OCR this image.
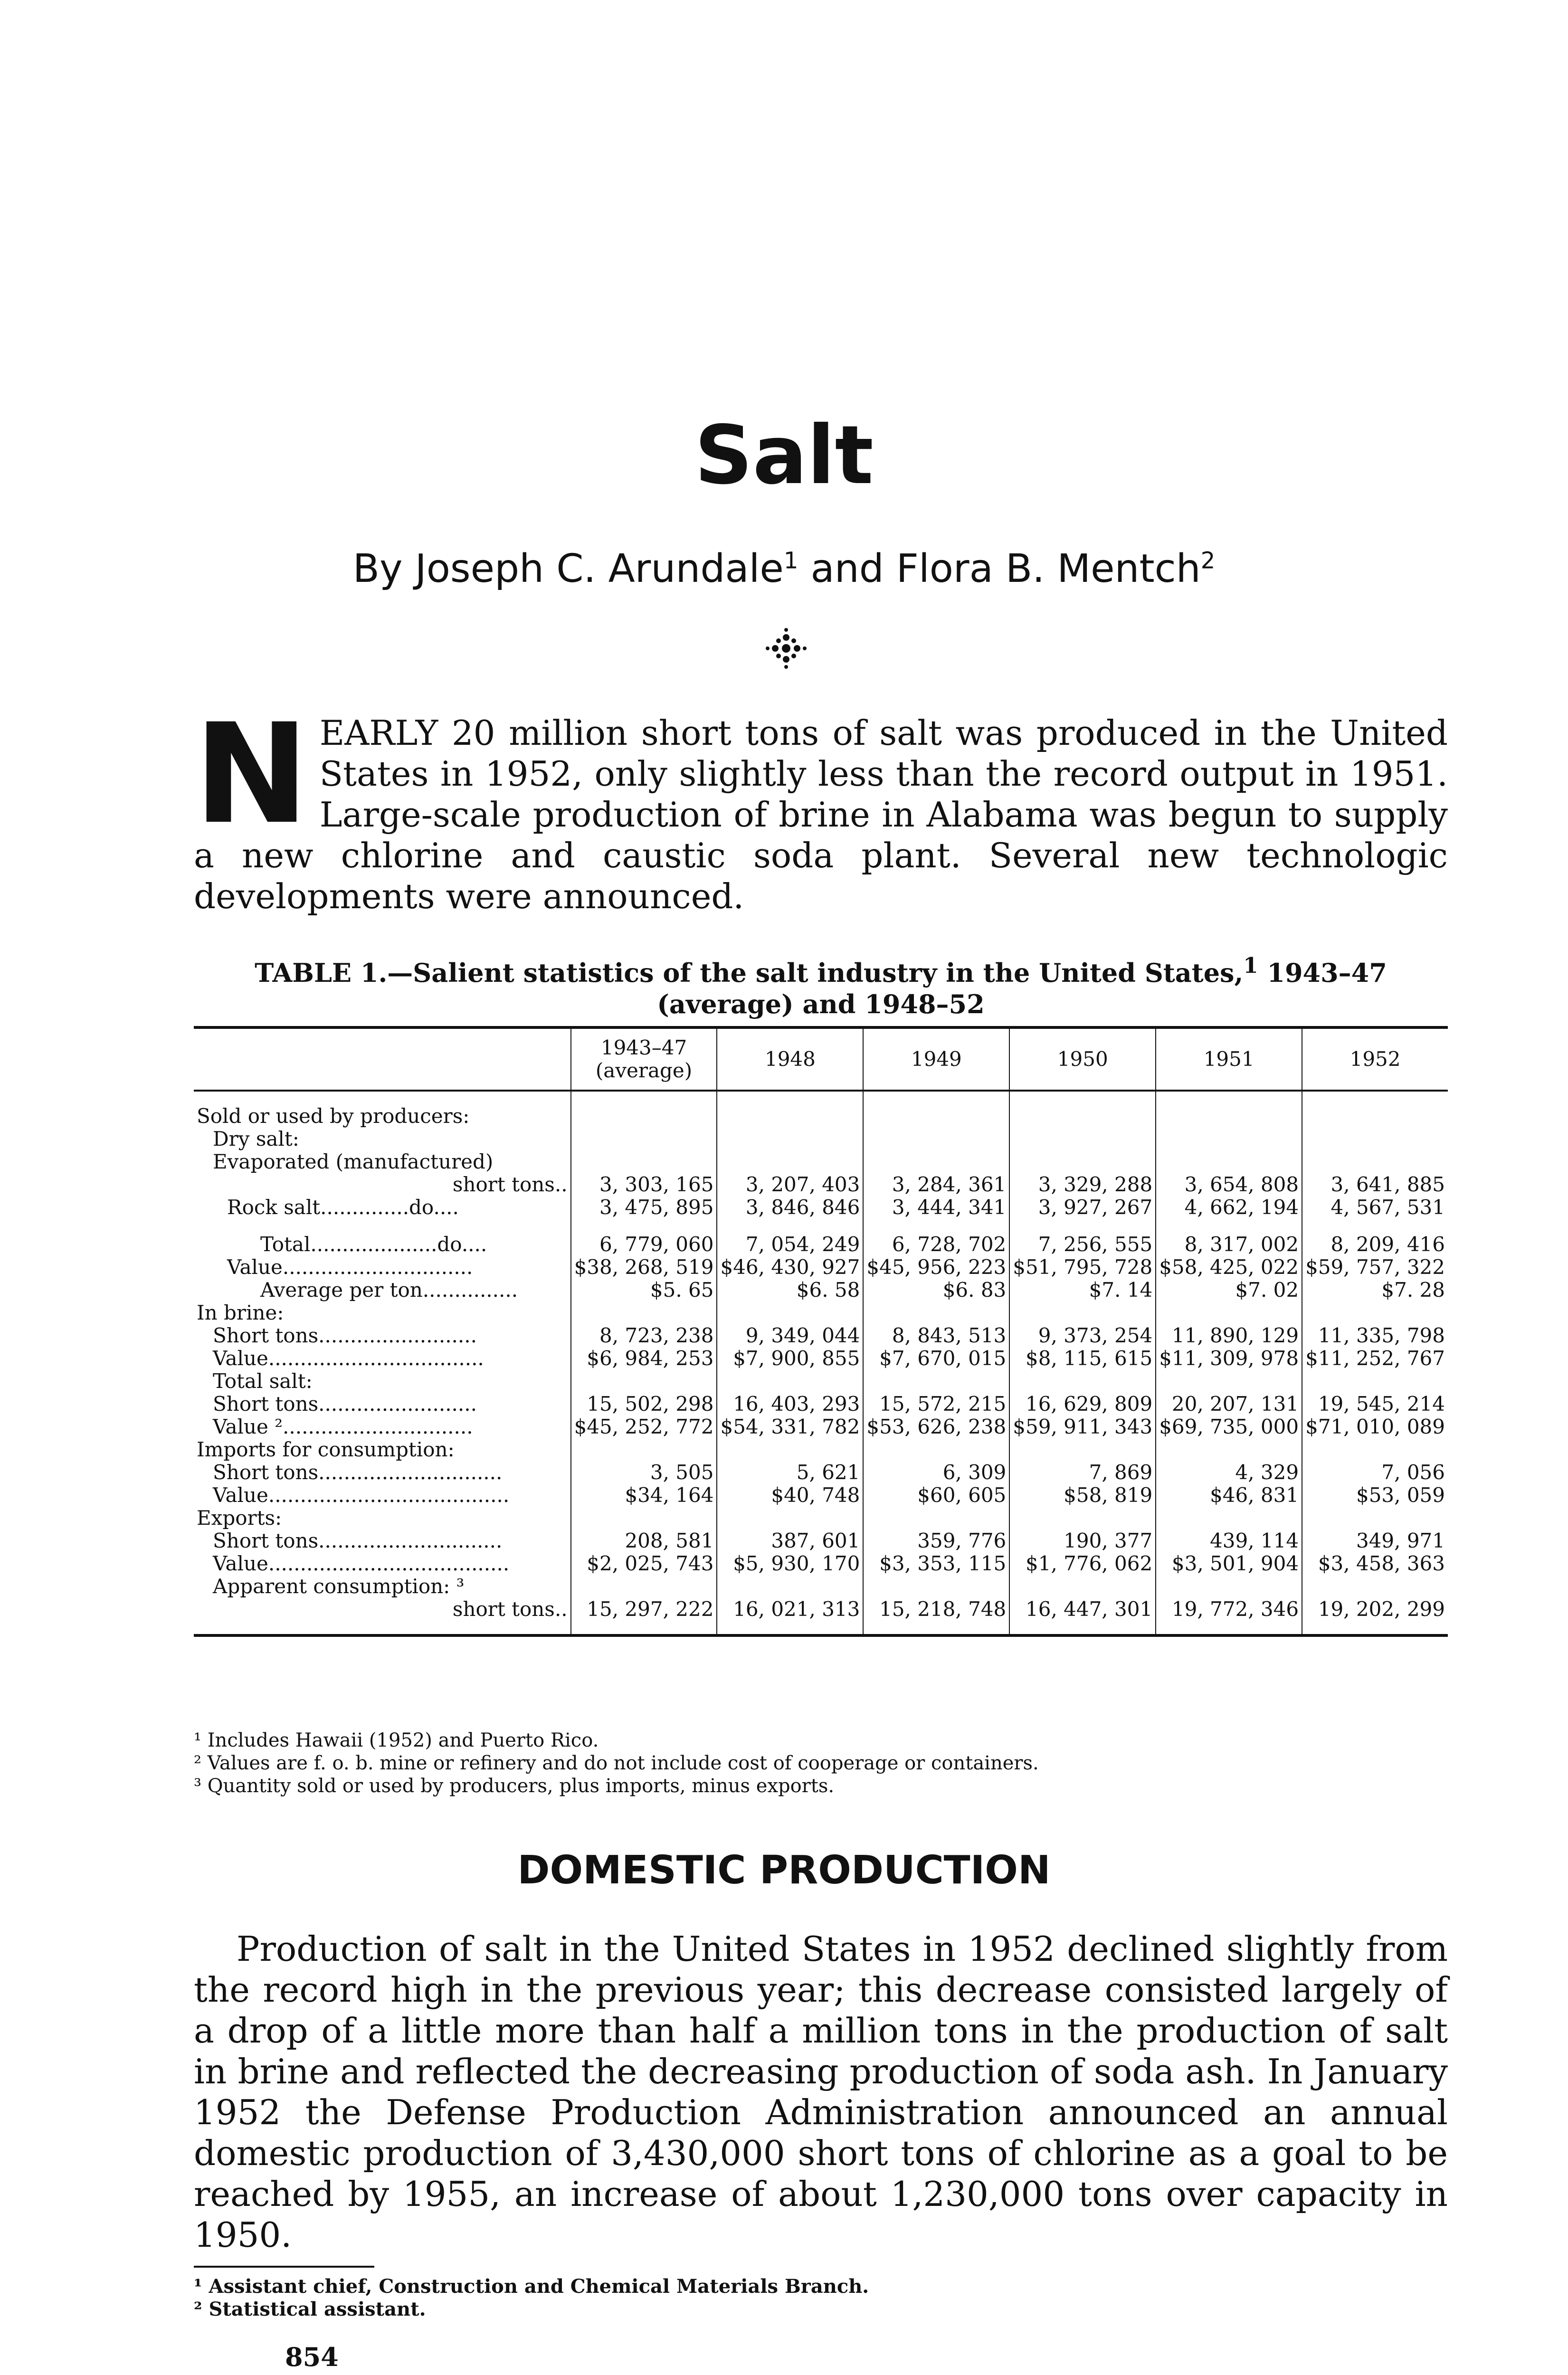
Salt
By Joseph C. Arundale$^1$ and Flora B. Mentch$^2$
NEARLY 20 million short tons of salt was produced in the United States in 1952, only slightly less than the record output in 1951. Large-scale production of brine in Alabama was begun to supply a new chlorine and caustic soda plant. Several new technologic developments were announced.
TABLE 1.—Salient statistics of the salt industry in the United States,$^1$ 1943–47
(average) and 1948–52
	1943–47 (average)	1948	1949	1950	1951	1952

Sold or used by producers:						
Dry salt:						
Evaporated (manufactured)						
short tons..	3, 303, 165	3, 207, 403	3, 284, 361	3, 329, 288	3, 654, 808	3, 641, 885
Rock salt..............do....	3, 475, 895	3, 846, 846	3, 444, 341	3, 927, 267	4, 662, 194	4, 567, 531

Total....................do....	6, 779, 060	7, 054, 249	6, 728, 702	7, 256, 555	8, 317, 002	8, 209, 416
Value..............................	$38, 268, 519	$46, 430, 927	$45, 956, 223	$51, 795, 728	$58, 425, 022	$59, 757, 322
Average per ton...............	$5. 65	$6. 58	$6. 83	$7. 14	$7. 02	$7. 28
In brine:						
Short tons.........................	8, 723, 238	9, 349, 044	8, 843, 513	9, 373, 254	11, 890, 129	11, 335, 798
Value..................................	$6, 984, 253	$7, 900, 855	$7, 670, 015	$8, 115, 615	$11, 309, 978	$11, 252, 767
Total salt:						
Short tons.........................	15, 502, 298	16, 403, 293	15, 572, 215	16, 629, 809	20, 207, 131	19, 545, 214
Value ²..............................	$45, 252, 772	$54, 331, 782	$53, 626, 238	$59, 911, 343	$69, 735, 000	$71, 010, 089
Imports for consumption:						
Short tons.............................	3, 505	5, 621	6, 309	7, 869	4, 329	7, 056
Value......................................	$34, 164	$40, 748	$60, 605	$58, 819	$46, 831	$53, 059
Exports:						
Short tons.............................	208, 581	387, 601	359, 776	190, 377	439, 114	349, 971
Value......................................	$2, 025, 743	$5, 930, 170	$3, 353, 115	$1, 776, 062	$3, 501, 904	$3, 458, 363
Apparent consumption: ³						
short tons..	15, 297, 222	16, 021, 313	15, 218, 748	16, 447, 301	19, 772, 346	19, 202, 299

¹ Includes Hawaii (1952) and Puerto Rico.
² Values are f. o. b. mine or refinery and do not include cost of cooperage or containers.
³ Quantity sold or used by producers, plus imports, minus exports.
DOMESTIC PRODUCTION
Production of salt in the United States in 1952 declined slightly from the record high in the previous year; this decrease consisted largely of a drop of a little more than half a million tons in the production of salt in brine and reflected the decreasing production of soda ash. In January 1952 the Defense Production Administration announced an annual domestic production of 3,430,000 short tons of chlorine as a goal to be reached by 1955, an increase of about 1,230,000 tons over capacity in 1950.
¹ Assistant chief, Construction and Chemical Materials Branch.
² Statistical assistant.
854
